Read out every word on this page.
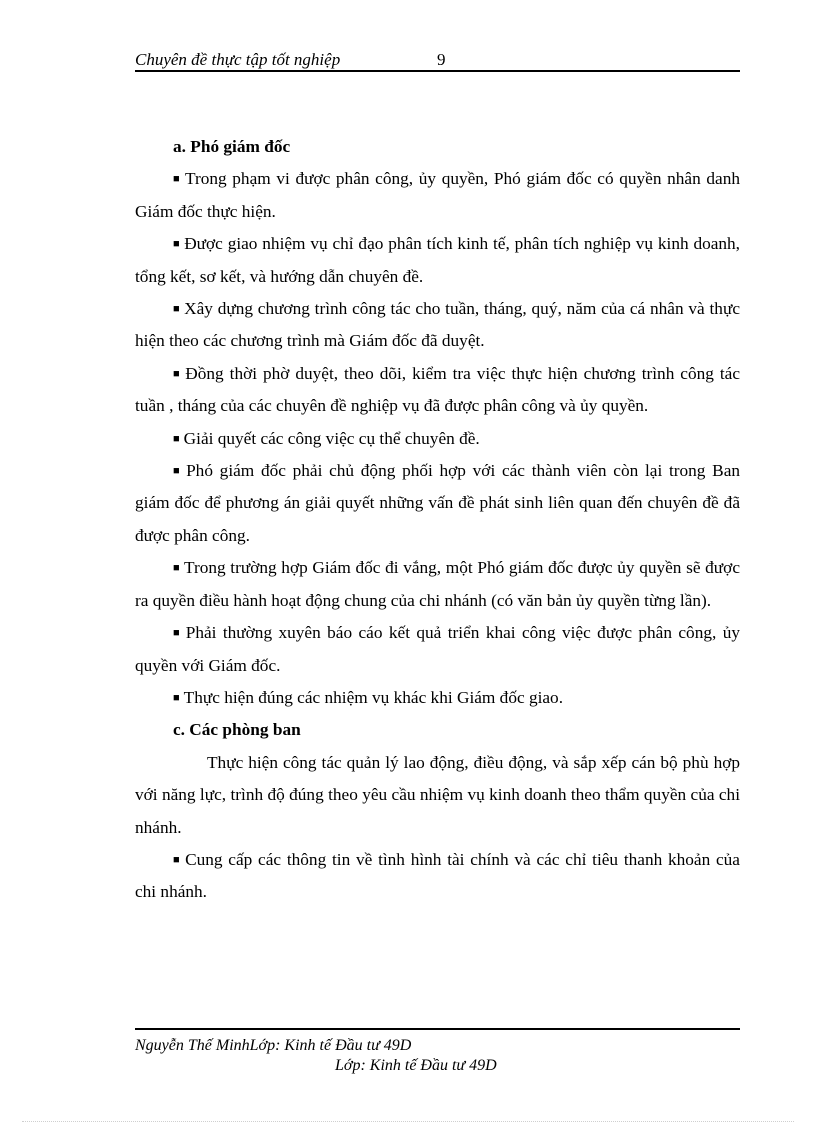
Chuyên đề thực tập tốt nghiệp	9

a. Phó giám đốc

■ Trong phạm vi được phân công, ủy quyền, Phó giám đốc có quyền nhân danh Giám đốc thực hiện.

■ Được giao nhiệm vụ chỉ đạo phân tích kinh tế, phân tích nghiệp vụ kinh doanh, tổng kết, sơ kết, và hướng dẫn chuyên đề.

■ Xây dựng chương trình công tác cho tuần, tháng, quý, năm của cá nhân và thực hiện theo các chương trình mà Giám đốc đã duyệt.

■ Đồng thời phờ duyệt, theo dõi, kiểm tra việc thực hiện chương trình công tác tuần , tháng của các chuyên đề nghiệp vụ đã được phân công và ủy quyền.

■ Giải quyết các công việc cụ thể chuyên đề.

■ Phó giám đốc phải chủ động phối hợp với các thành viên còn lại trong Ban giám đốc để phương án giải quyết những vấn đề phát sinh liên quan đến chuyên đề đã được phân công.

■ Trong trường hợp Giám đốc đi vắng, một Phó giám đốc được ủy quyền sẽ được ra quyền điều hành hoạt động chung của chi nhánh (có văn bản ủy quyền từng lần).

■ Phải thường xuyên báo cáo kết quả triển khai công việc được phân công, ủy quyền với Giám đốc.

■ Thực hiện đúng các nhiệm vụ khác khi Giám đốc giao.

c. Các phòng ban

Thực hiện công tác quản lý lao động, điều động, và sắp xếp cán bộ phù hợp với năng lực, trình độ đúng theo yêu cầu nhiệm vụ kinh doanh theo thẩm quyền của chi nhánh.

■ Cung cấp các thông tin về tình hình tài chính và các chỉ tiêu thanh khoản của chi nhánh.

Nguyễn Thế MinhLớp: Kinh tế Đầu tư 49D
Lớp: Kinh tế Đầu tư 49D
